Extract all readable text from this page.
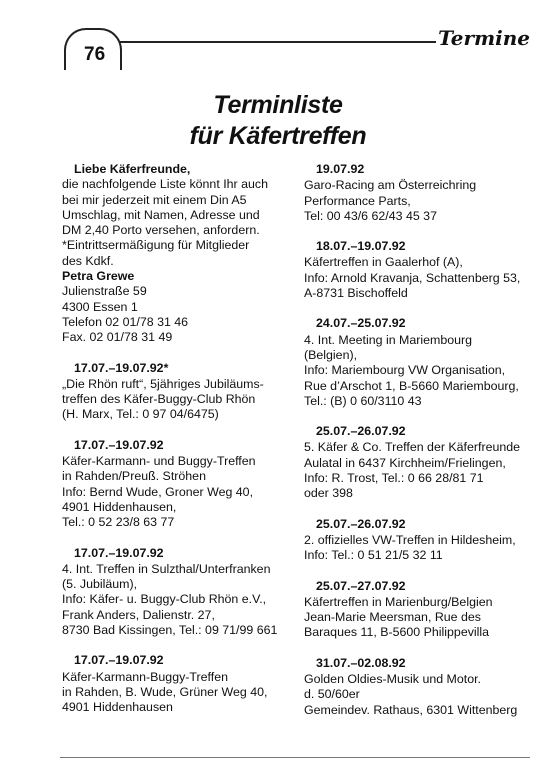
76
Termine
Terminliste
für Käfertreffen
Liebe Käferfreunde,
die nachfolgende Liste könnt Ihr auch
bei mir jederzeit mit einem Din A5
Umschlag, mit Namen, Adresse und
DM 2,40 Porto versehen, anfordern.
*Eintrittsermäßigung für Mitglieder
des Kdkf.
Petra Grewe
Julienstraße 59
4300 Essen 1
Telefon 02 01/78 31 46
Fax. 02 01/78 31 49
17.07.–19.07.92*
„Die Rhön ruft“, 5jähriges Jubiläums-
treffen des Käfer-Buggy-Club Rhön
(H. Marx, Tel.: 0 97 04/6475)
17.07.–19.07.92
Käfer-Karmann- und Buggy-Treffen
in Rahden/Preuß. Ströhen
Info: Bernd Wude, Groner Weg 40,
4901 Hiddenhausen,
Tel.: 0 52 23/8 63 77
17.07.–19.07.92
4. Int. Treffen in Sulzthal/Unterfranken
(5. Jubiläum),
Info: Käfer- u. Buggy-Club Rhön e.V.,
Frank Anders, Dalienstr. 27,
8730 Bad Kissingen, Tel.: 09 71/99 661
17.07.–19.07.92
Käfer-Karmann-Buggy-Treffen
in Rahden, B. Wude, Grüner Weg 40,
4901 Hiddenhausen
19.07.92
Garo-Racing am Österreichring
Performance Parts,
Tel: 00 43/6 62/43 45 37
18.07.–19.07.92
Käfertreffen in Gaalerhof (A),
Info: Arnold Kravanja, Schattenberg 53,
A-8731 Bischoffeld
24.07.–25.07.92
4. Int. Meeting in Mariembourg
(Belgien),
Info: Mariembourg VW Organisation,
Rue d’Arschot 1, B-5660 Mariembourg,
Tel.: (B) 0 60/3110 43
25.07.–26.07.92
5. Käfer & Co. Treffen der Käferfreunde
Aulatal in 6437 Kirchheim/Frielingen,
Info: R. Trost, Tel.: 0 66 28/81 71
oder 398
25.07.–26.07.92
2. offizielles VW-Treffen in Hildesheim,
Info: Tel.: 0 51 21/5 32 11
25.07.–27.07.92
Käfertreffen in Marienburg/Belgien
Jean-Marie Meersman, Rue des
Baraques 11, B-5600 Philippevilla
31.07.–02.08.92
Golden Oldies-Musik und Motor.
d. 50/60er
Gemeindev. Rathaus, 6301 Wittenberg
